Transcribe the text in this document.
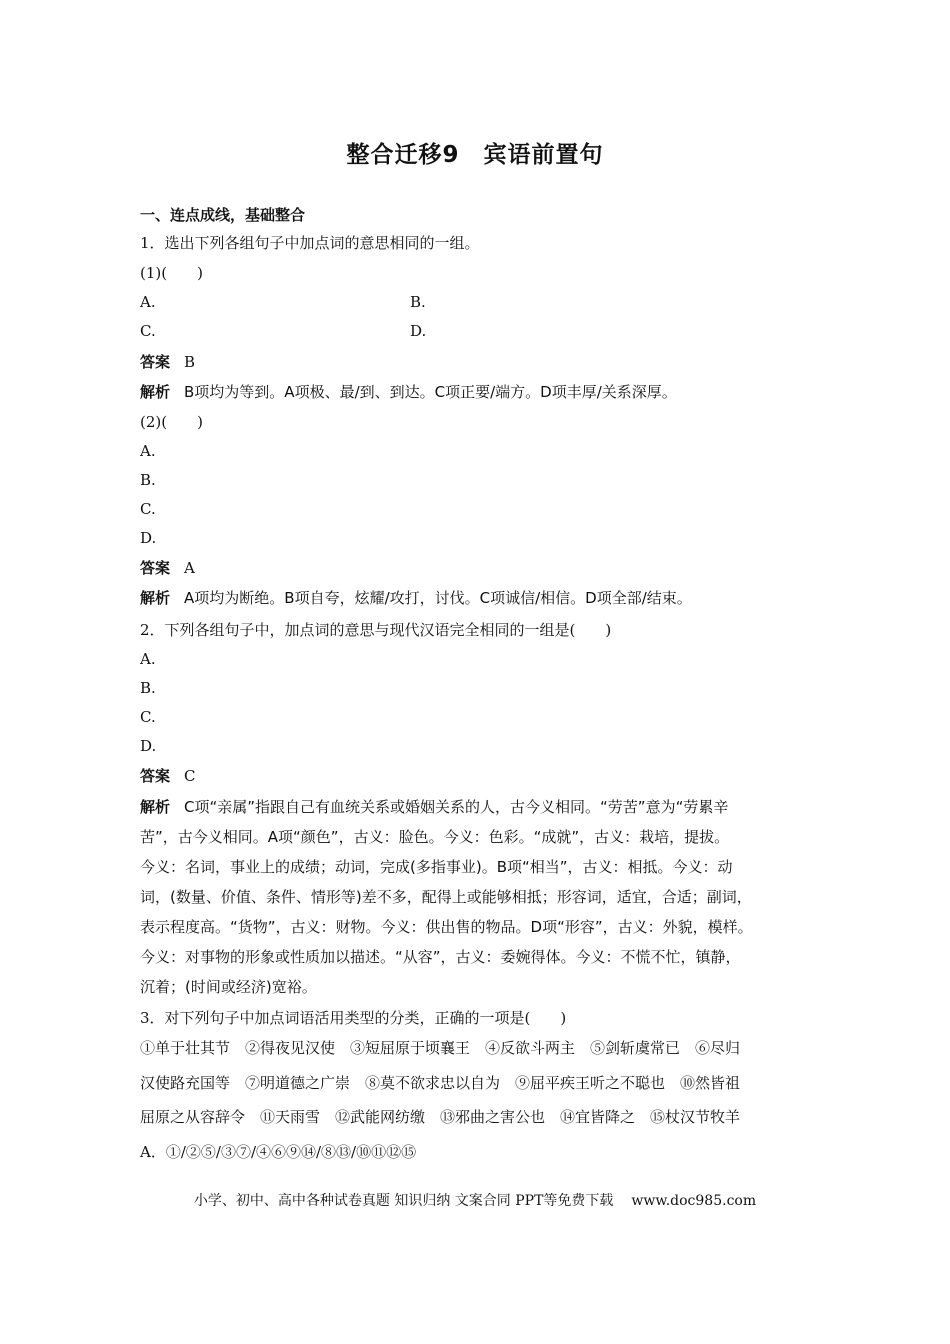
整合迁移9　宾语前置句
一、连点成线，基础整合
1．选出下列各组句子中加点词的意思相同的一组。
(1)(　　)
A.	B.
C.	D.
答案 B
解析 B项均为等到。A项极、最/到、到达。C项正要/端方。D项丰厚/关系深厚。
(2)(　　)
A.
B.
C.
D.
答案 A
解析 A项均为断绝。B项自夸，炫耀/攻打，讨伐。C项诚信/相信。D项全部/结束。
2．下列各组句子中，加点词的意思与现代汉语完全相同的一组是(　　)
A.
B.
C.
D.
答案 C
解析 C项“亲属”指跟自己有血统关系或婚姻关系的人，古今义相同。“劳苦”意为“劳累辛
苦”，古今义相同。A项“颜色”，古义：脸色。今义：色彩。“成就”，古义：栽培，提拔。
今义：名词，事业上的成绩；动词，完成(多指事业)。B项“相当”，古义：相抵。今义：动
词，(数量、价值、条件、情形等)差不多，配得上或能够相抵；形容词，适宜，合适；副词，
表示程度高。“货物”，古义：财物。今义：供出售的物品。D项“形容”，古义：外貌，模样。
今义：对事物的形象或性质加以描述。“从容”，古义：委婉得体。今义：不慌不忙，镇静，
沉着；(时间或经济)宽裕。
3．对下列句子中加点词语活用类型的分类，正确的一项是(　　)
①单于壮其节　②得夜见汉使　③短屈原于顷襄王　④反欲斗两主　⑤剑斩虞常已　⑥尽归
汉使路充国等　⑦明道德之广崇　⑧莫不欲求忠以自为　⑨屈平疾王听之不聪也　⑩然皆祖
屈原之从容辞令　⑪天雨雪　⑫武能网纺缴　⑬邪曲之害公也　⑭宜皆降之　⑮杖汉节牧羊
A．①/②⑤/③⑦/④⑥⑨⑭/⑧⑬/⑩⑪⑫⑮
小学、初中、高中各种试卷真题 知识归纳 文案合同 PPT等免费下载 www.doc985.com
